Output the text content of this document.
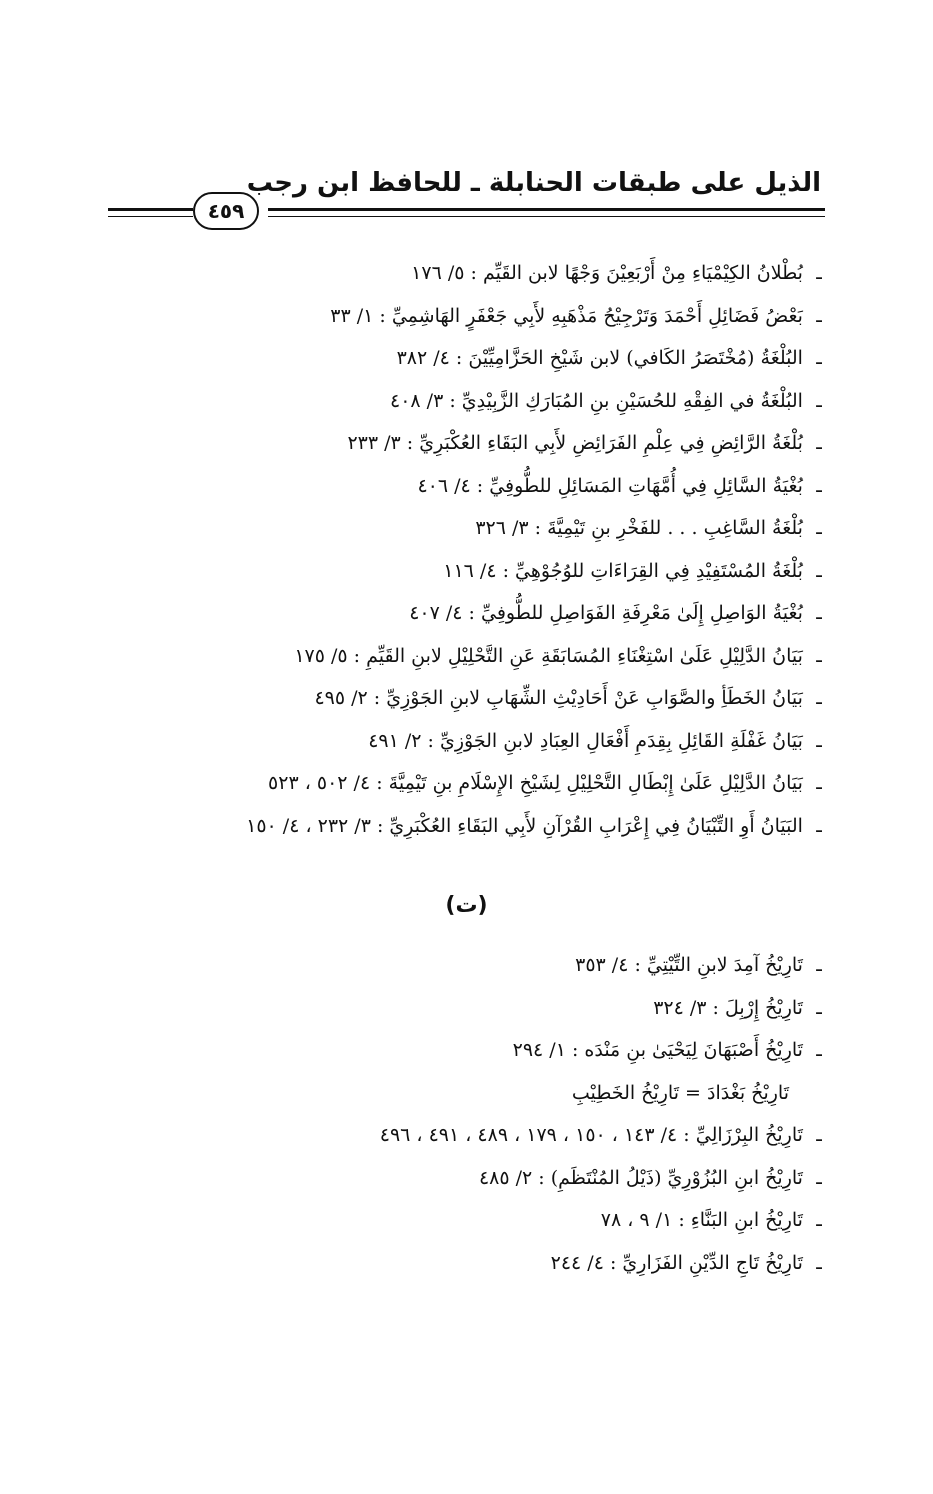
الذيل على طبقات الحنابلة ـ للحافظ ابن رجب
٤٥٩
ـ بُطْلانُ الكِيْمْيَاءِ مِنْ أَرْبَعِيْنَ وَجْهًا لابن القَيِّم : ٥/ ١٧٦
ـ بَعْضُ فَضَائِلِ أَحْمَدَ وَتَرْجِيْحُ مَذْهَبِهِ لأَبِي جَعْفَرٍ الهَاشِمِيِّ : ١/ ٣٣
ـ البُلْغَةُ (مُخْتَصَرُ الكَافي) لابن شَيْخِ الحَزَّامِيِّيْنَ : ٤/ ٣٨٢
ـ البُلْغَةُ في الفِقْهِ للحُسَيْنِ بنِ المُبَارَكِ الزَّبِيْدِيِّ : ٣/ ٤٠٨
ـ بُلْغَةُ الرَّائِضِ فِي عِلْمِ الفَرَائِضِ لأَبِي البَقَاءِ العُكْبَرِيِّ : ٣/ ٢٣٣
ـ بُغْيَةُ السَّائِلِ فِي أُمَّهَاتِ المَسَائِلِ للطُّوفِيِّ : ٤/ ٤٠٦
ـ بُلْغَةُ السَّاغِبِ . . . للفَخْرِ بنِ تَيْمِيَّةَ : ٣/ ٣٢٦
ـ بُلْغَةُ المُسْتَفِيْدِ فِي القِرَاءَاتِ للوُجُوْهِيِّ : ٤/ ١١٦
ـ بُغْيَةُ الوَاصِلِ إِلَىٰ مَعْرِفَةِ الفَوَاصِلِ للطُّوفِيِّ : ٤/ ٤٠٧
ـ بَيَانُ الدَّلِيْلِ عَلَىٰ اسْتِغْنَاءِ المُسَابَقَةِ عَنِ التَّحْلِيْلِ لابنِ القَيِّمِ : ٥/ ١٧٥
ـ بَيَانُ الخَطَأِ والصَّوَابِ عَنْ أَحَادِيْثِ الشِّهَابِ لابنِ الجَوْزِيِّ : ٢/ ٤٩٥
ـ بَيَانُ غَفْلَةِ القَائِلِ بِقِدَمِ أَفْعَالِ العِبَادِ لابنِ الجَوْزِيِّ : ٢/ ٤٩١
ـ بَيَانُ الدَّلِيْلِ عَلَىٰ إِبْطَالِ التَّحْلِيْلِ لِشَيْخِ الإِسْلَامِ بنِ تَيْمِيَّةَ : ٤/ ٥٠٢ ، ٥٢٣
ـ البَيَانُ أَوِ التِّبْيَانُ فِي إِعْرَابِ القُرْآنِ لأَبِي البَقَاءِ العُكْبَرِيِّ : ٣/ ٢٣٢ ، ٤/ ١٥٠
(ت)
ـ تَارِيْخُ آمِدَ لابنِ التِّيْتِيِّ : ٤/ ٣٥٣
ـ تَارِيْخُ إِرْبِلَ : ٣/ ٣٢٤
ـ تَارِيْخُ أَصْبَهَانَ لِيَحْيَىٰ بنِ مَنْدَه : ١/ ٢٩٤
تَارِيْخُ بَغْدَادَ = تَارِيْخُ الخَطِيْبِ
ـ تَارِيْخُ البِرْزَالِيِّ : ٤/ ١٤٣ ، ١٥٠ ، ١٧٩ ، ٤٨٩ ، ٤٩١ ، ٤٩٦
ـ تَارِيْخُ ابنِ البُزُوْرِيِّ (ذَيْلُ المُنْتَظَمِ) : ٢/ ٤٨٥
ـ تَارِيْخُ ابنِ البَنَّاءِ : ١/ ٩ ، ٧٨
ـ تَارِيْخُ تَاجِ الدِّيْنِ الفَزَارِيِّ : ٤/ ٢٤٤
